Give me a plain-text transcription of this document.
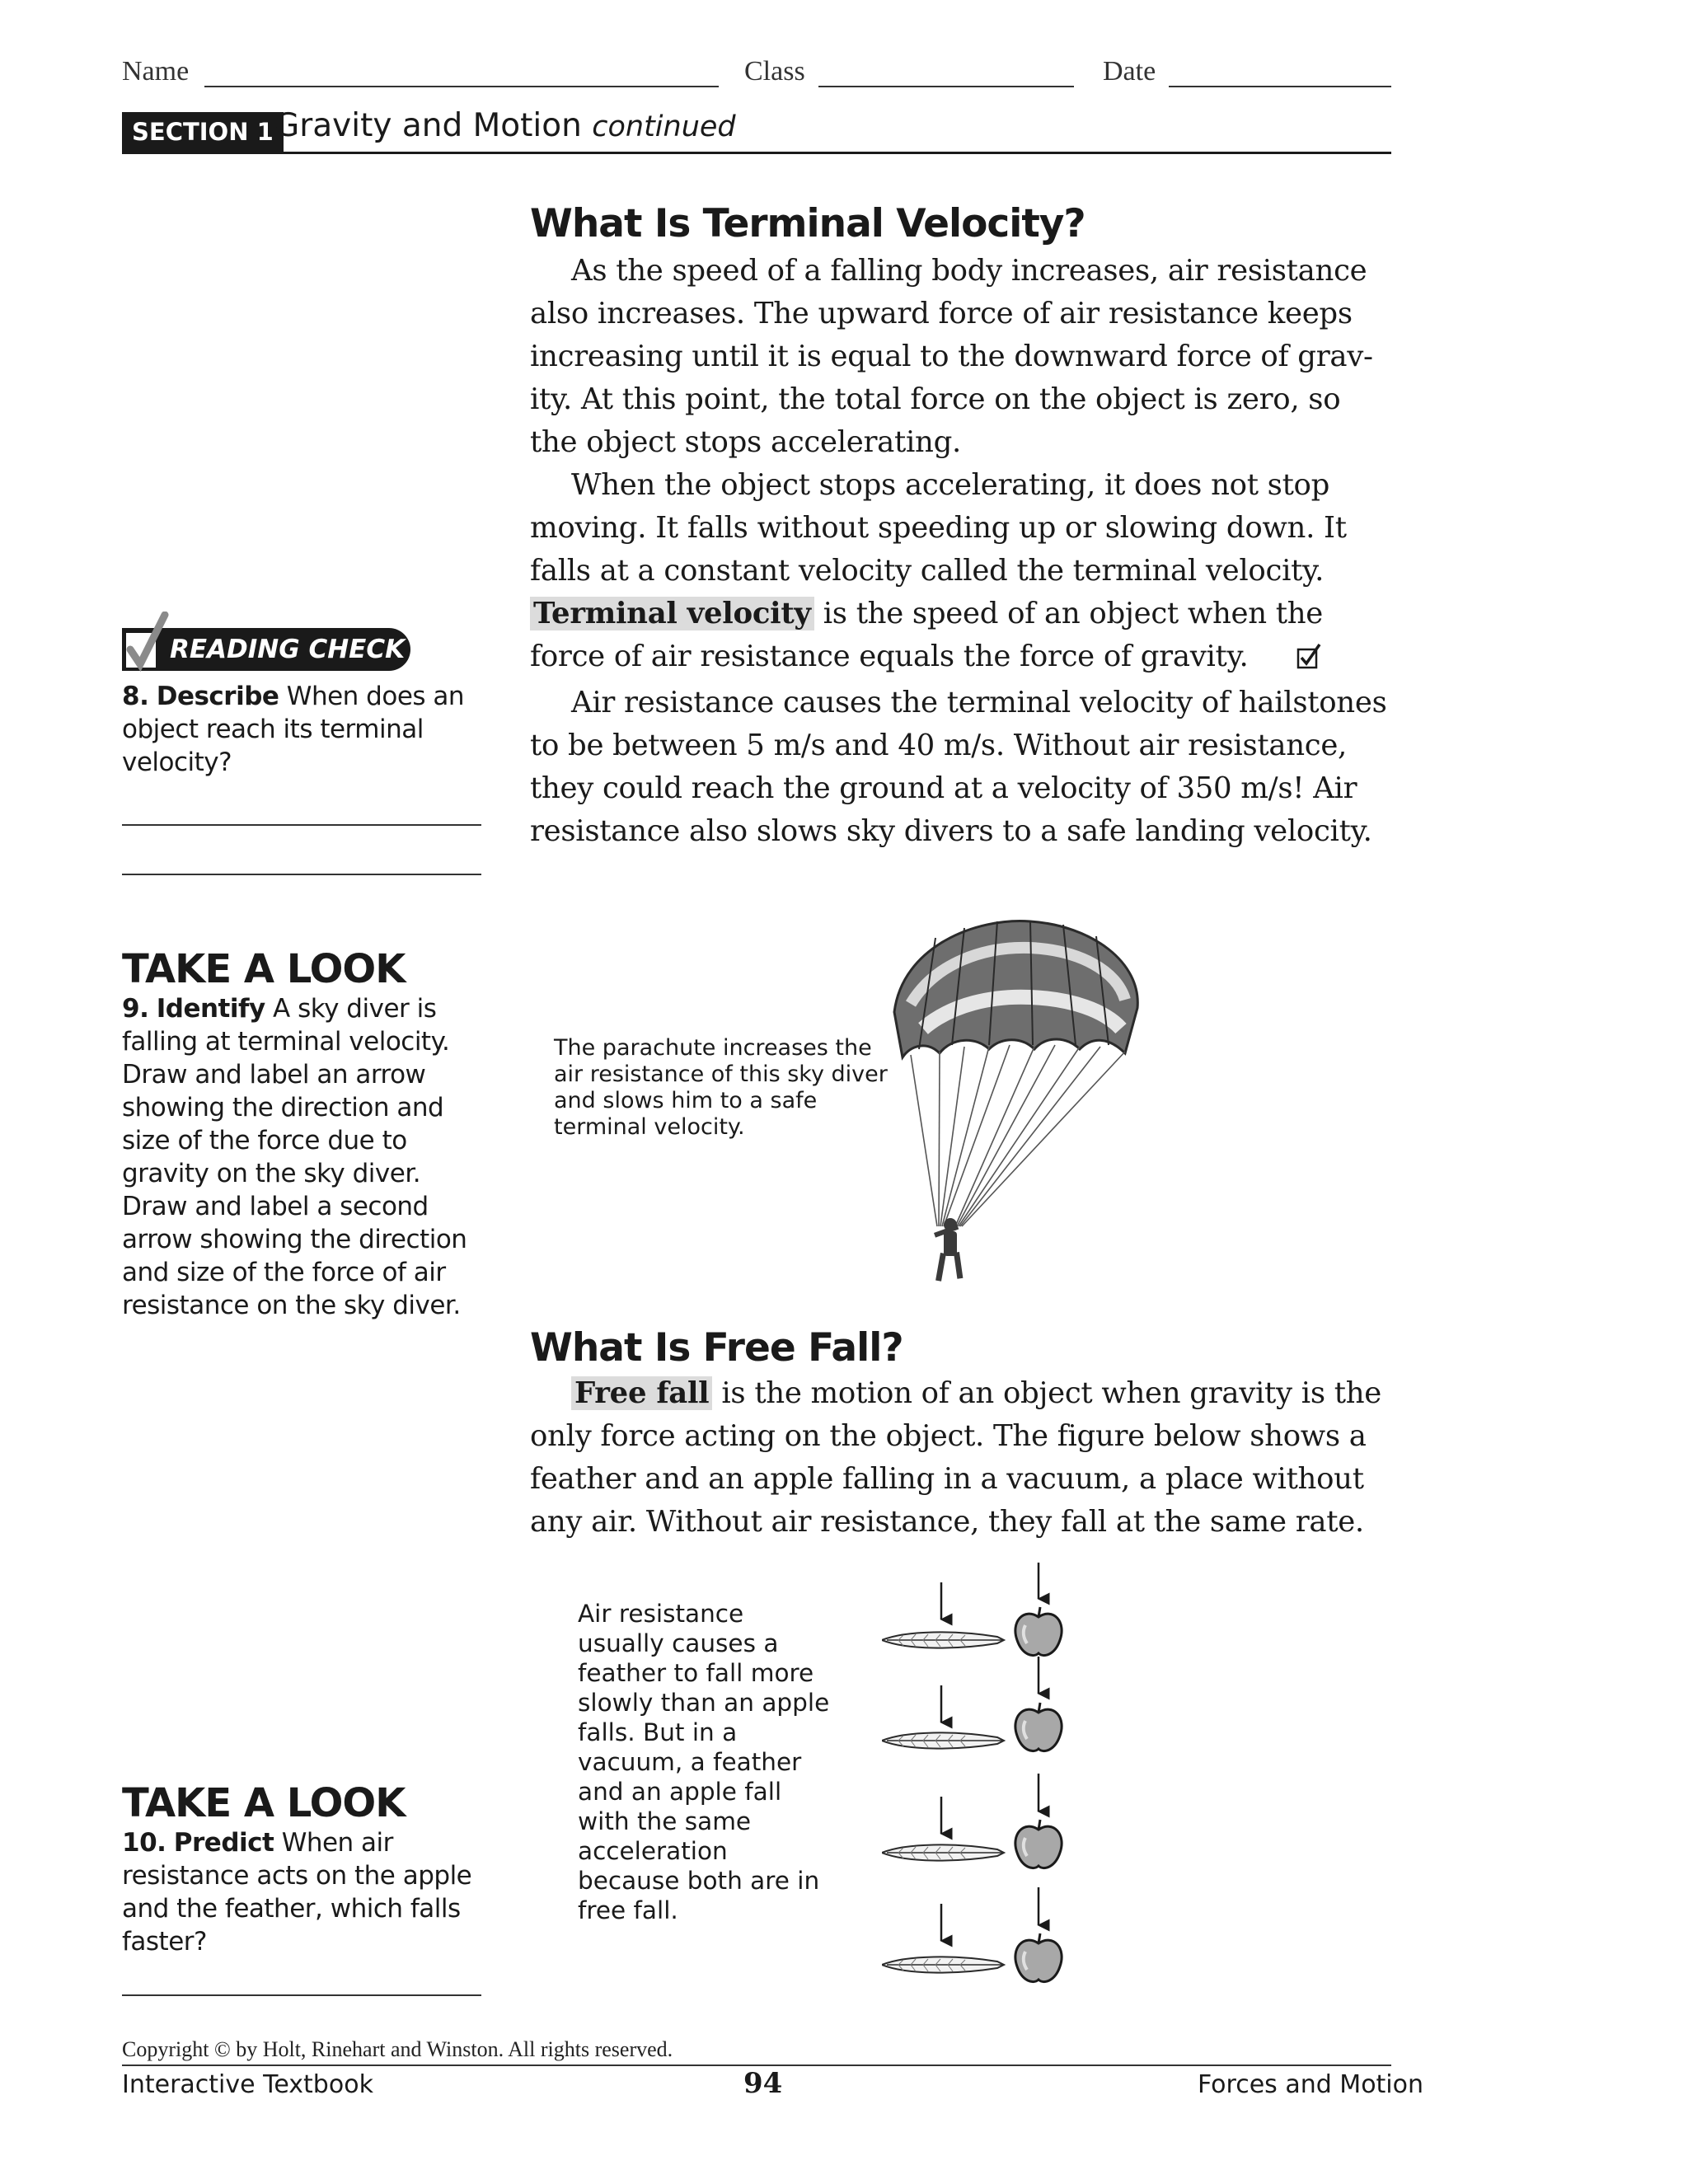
Name	Class	Date
SECTION 1 Gravity and Motion continued
What Is Terminal Velocity?

As the speed of a falling body increases, air resistance also increases. The upward force of air resistance keeps increasing until it is equal to the downward force of grav-ity. At this point, the total force on the object is zero, so the object stops accelerating.

When the object stops accelerating, it does not stop moving. It falls without speeding up or slowing down. It falls at a constant velocity called the terminal velocity. Terminal velocity is the speed of an object when the force of air resistance equals the force of gravity.

Air resistance causes the terminal velocity of hailstones to be between 5 m/s and 40 m/s. Without air resistance, they could reach the ground at a velocity of 350 m/s! Air resistance also slows sky divers to a safe landing velocity.

READING CHECK
8. Describe When does an object reach its terminal velocity?
TAKE A LOOK
9. Identify A sky diver is falling at terminal velocity. Draw and label an arrow showing the direction and size of the force due to gravity on the sky diver. Draw and label a second arrow showing the direction and size of the force of air resistance on the sky diver.
The parachute increases the air resistance of this sky diver and slows him to a safe terminal velocity.
What Is Free Fall?

Free fall is the motion of an object when gravity is the only force acting on the object. The figure below shows a feather and an apple falling in a vacuum, a place without any air. Without air resistance, they fall at the same rate.

Air resistance usually causes a feather to fall more slowly than an apple falls. But in a vacuum, a feather and an apple fall with the same acceleration because both are in free fall.
TAKE A LOOK
10. Predict When air resistance acts on the apple and the feather, which falls faster?
Copyright © by Holt, Rinehart and Winston. All rights reserved.
Interactive Textbook	94	Forces and Motion
